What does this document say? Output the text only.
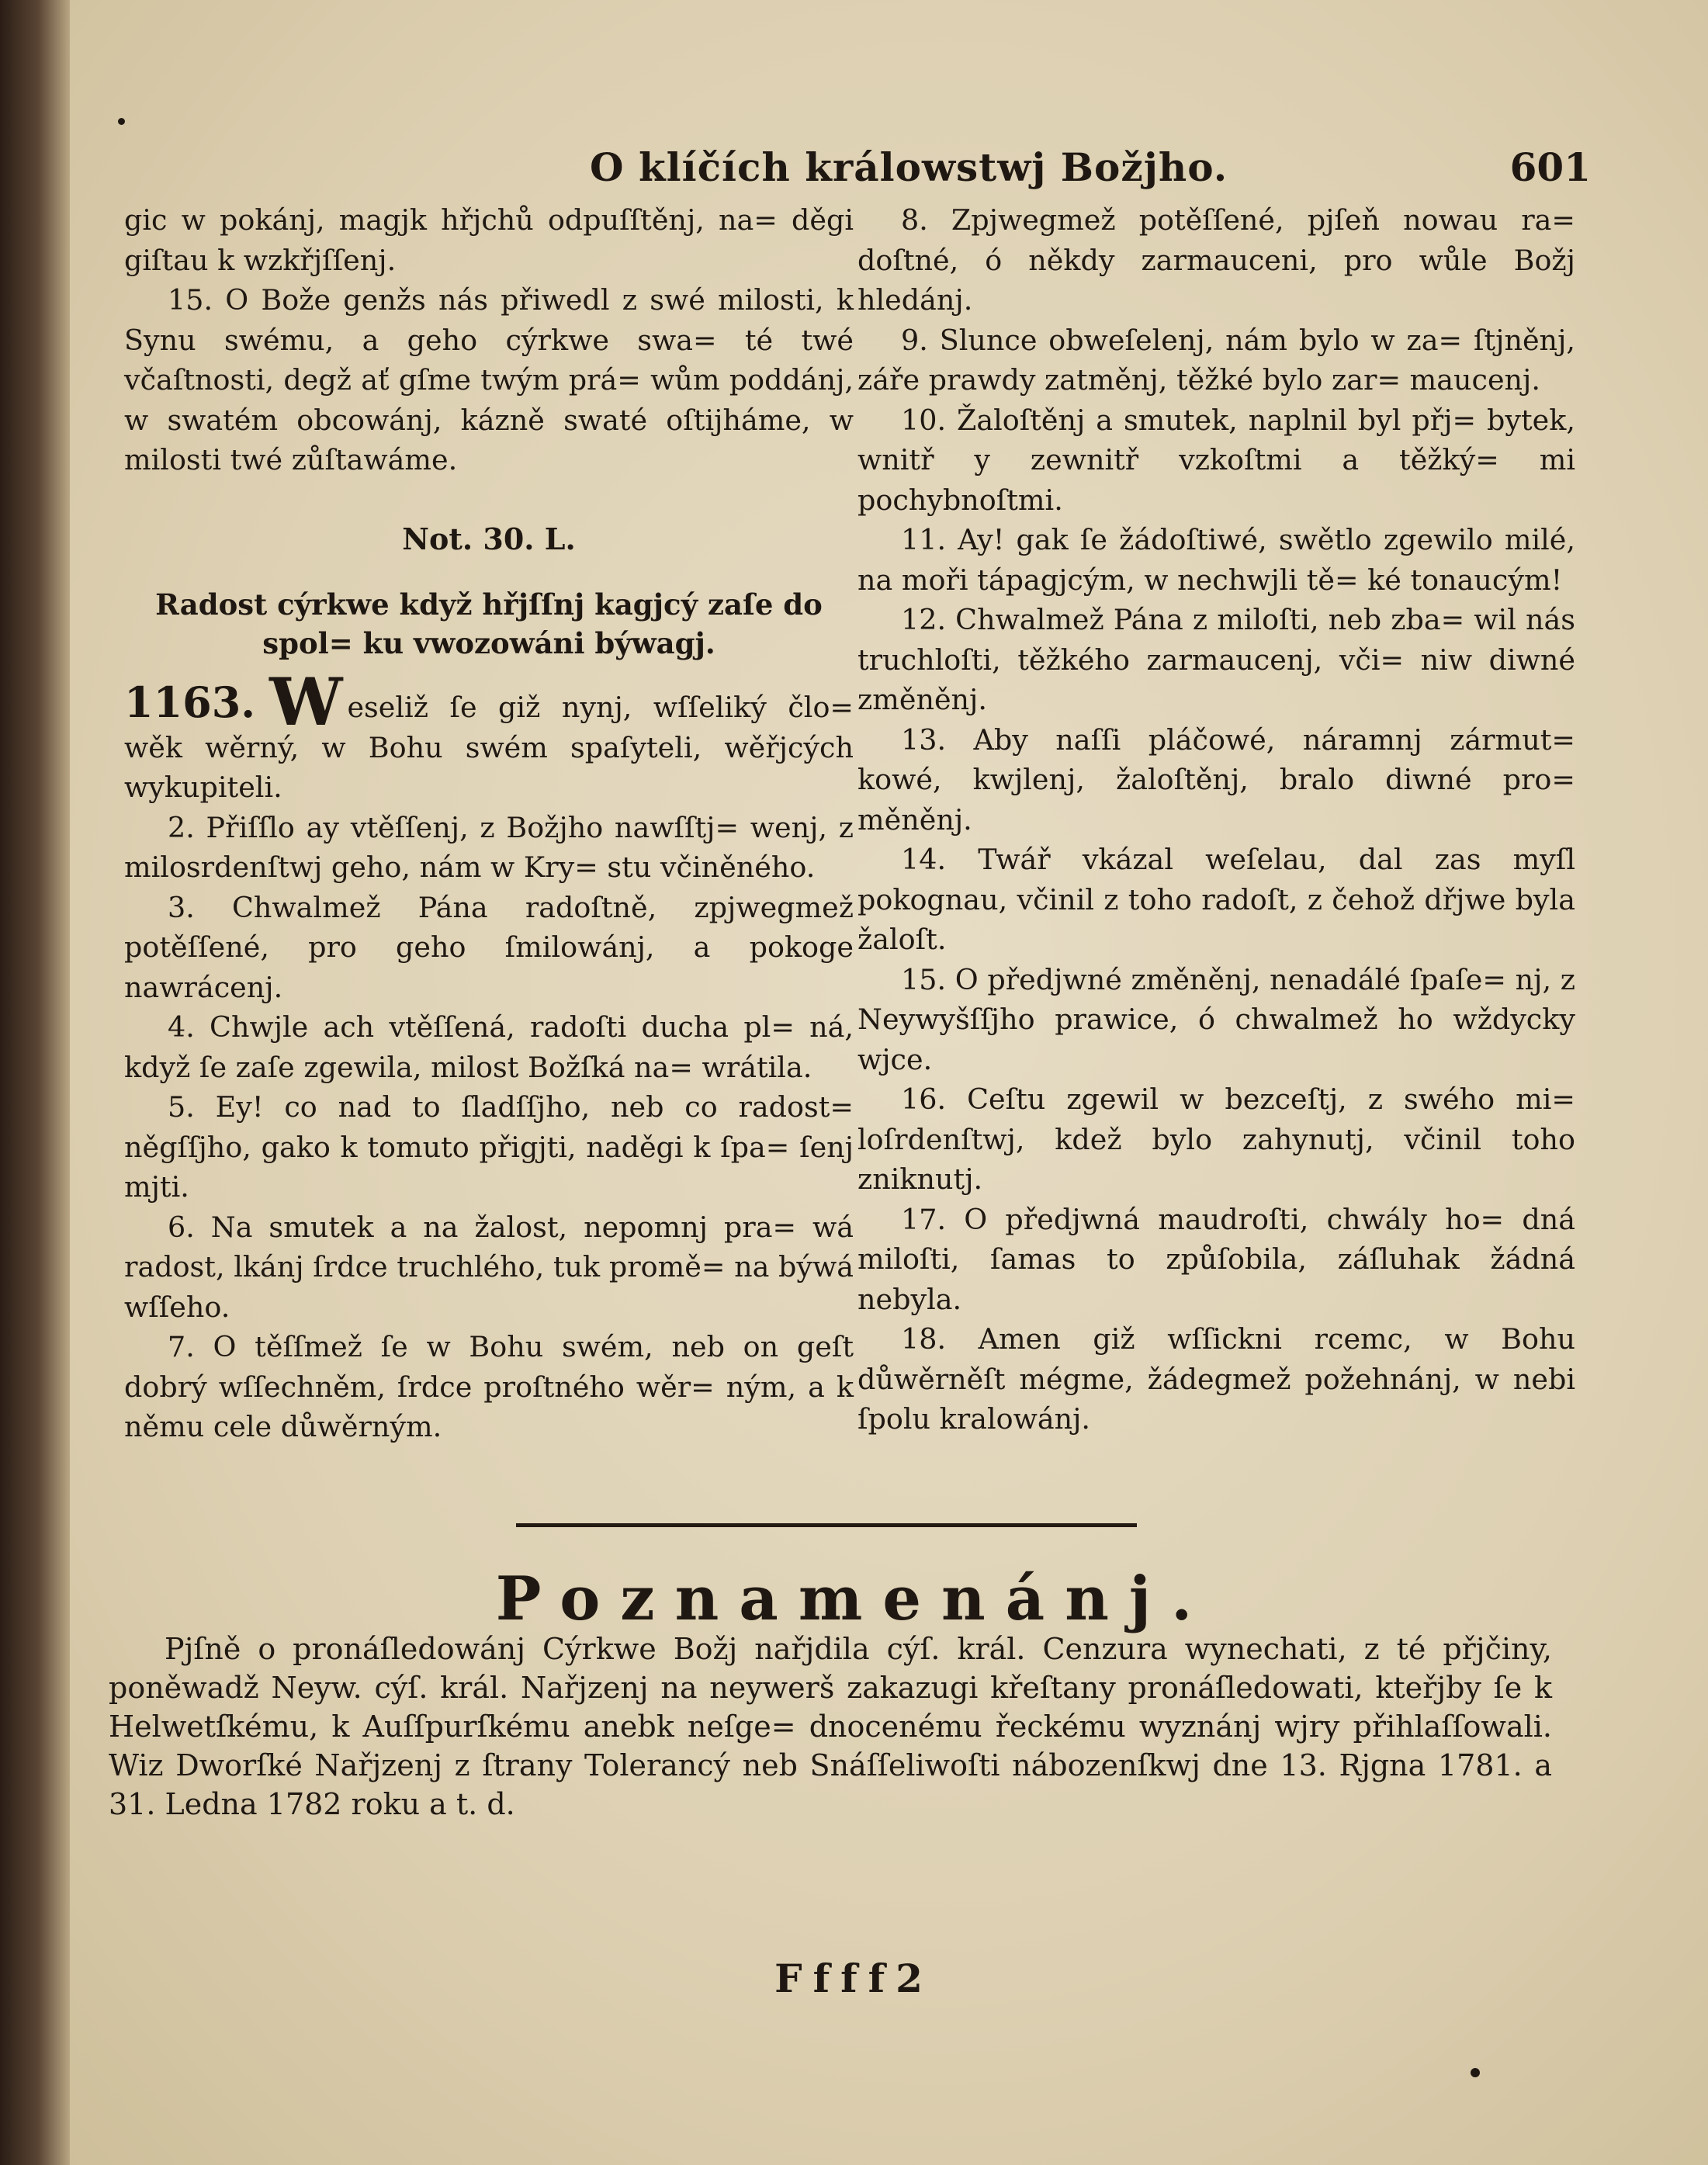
O klíčích králowstwj Božjho.	601

gic w pokánj, magjk hřjchů odpuſſtěnj, na= děgi giſtau k wzkřjſſenj.

15. O Bože genžs nás přiwedl z swé milosti, k Synu swému, a geho cýrkwe swa= té twé včaſtnosti, degž ať gſme twým prá= wům poddánj, w swatém obcowánj, kázně swaté oſtijháme, w milosti twé zůſtawáme.

Not. 30. L.
Radost cýrkwe když hřjſſnj kagjcý zaſe do spol= ku vwozowáni býwagj.

1163. W eseliž ſe giž nynj, wſſeliký člo= wěk wěrný, w Bohu swém spaſyteli, wěřjcých wykupiteli.

2. Přiſſlo ay vtěſſenj, z Božjho nawſſtj= wenj, z milosrdenſtwj geho, nám w Kry= stu včiněného.

3. Chwalmež Pána radoſtně, zpjwegmež potěſſené, pro geho ſmilowánj, a pokoge nawrácenj.

4. Chwjle ach vtěſſená, radoſti ducha pl= ná, když ſe zaſe zgewila, milost Božſká na= wrátila.

5. Ey! co nad to ſladſſjho, neb co radost= něgſſjho, gako k tomuto přigjti, naděgi k ſpa= ſenj mjti.

6. Na smutek a na žalost, nepomnj pra= wá radost, lkánj ſrdce truchlého, tuk promě= na býwá wſſeho.

7. O těſſmež ſe w Bohu swém, neb on geſt dobrý wſſechněm, ſrdce proſtného wěr= ným, a k němu cele důwěrným.

8. Zpjwegmež potěſſené, pjſeň nowau ra= doſtné, ó někdy zarmauceni, pro wůle Božj hledánj.

9. Slunce obweſelenj, nám bylo w za= ſtjněnj, záře prawdy zatměnj, těžké bylo zar= maucenj.

10. Žaloſtěnj a smutek, naplnil byl přj= bytek, wnitř y zewnitř vzkoſtmi a těžký= mi pochybnoſtmi.

11. Ay! gak ſe žádoſtiwé, swětlo zgewilo milé, na moři tápagjcým, w nechwjli tě= ké tonaucým!

12. Chwalmež Pána z miloſti, neb zba= wil nás truchloſti, těžkého zarmaucenj, vči= niw diwné změněnj.

13. Aby naſſi pláčowé, náramnj zármut= kowé, kwjlenj, žaloſtěnj, bralo diwné pro= měněnj.

14. Twář vkázal weſelau, dal zas myſl pokognau, včinil z toho radoſt, z čehož dřjwe byla žaloſt.

15. O předjwné změněnj, nenadálé ſpaſe= nj, z Neywyšſſjho prawice, ó chwalmež ho wždycky wjce.

16. Ceſtu zgewil w bezceſtj, z swého mi= loſrdenſtwj, kdež bylo zahynutj, včinil toho zniknutj.

17. O předjwná maudroſti, chwály ho= dná miloſti, ſamas to způſobila, záſluhak žádná nebyla.

18. Amen giž wſſickni rcemc, w Bohu důwěrněſt mégme, žádegmež požehnánj, w nebi ſpolu kralowánj.

Poznamenánj.

Pjſně o pronáſledowánj Cýrkwe Božj nařjdila cýſ. král. Cenzura wynechati, z té přjčiny, poněwadž Neyw. cýſ. král. Nařjzenj na neywerš zakazugi křeſtany pronáſledowati, kteřjby ſe k Helwetſkému, k Auſſpurſkému anebk neſge= dnocenému řeckému wyznánj wjry přihlaſſowali. Wiz Dworſké Nařjzenj z ſtrany Tolerancý neb Snáſſeliwoſti nábozenſkwj dne 13. Rjgna 1781. a 31. Ledna 1782 roku a t. d.

Ffff2
